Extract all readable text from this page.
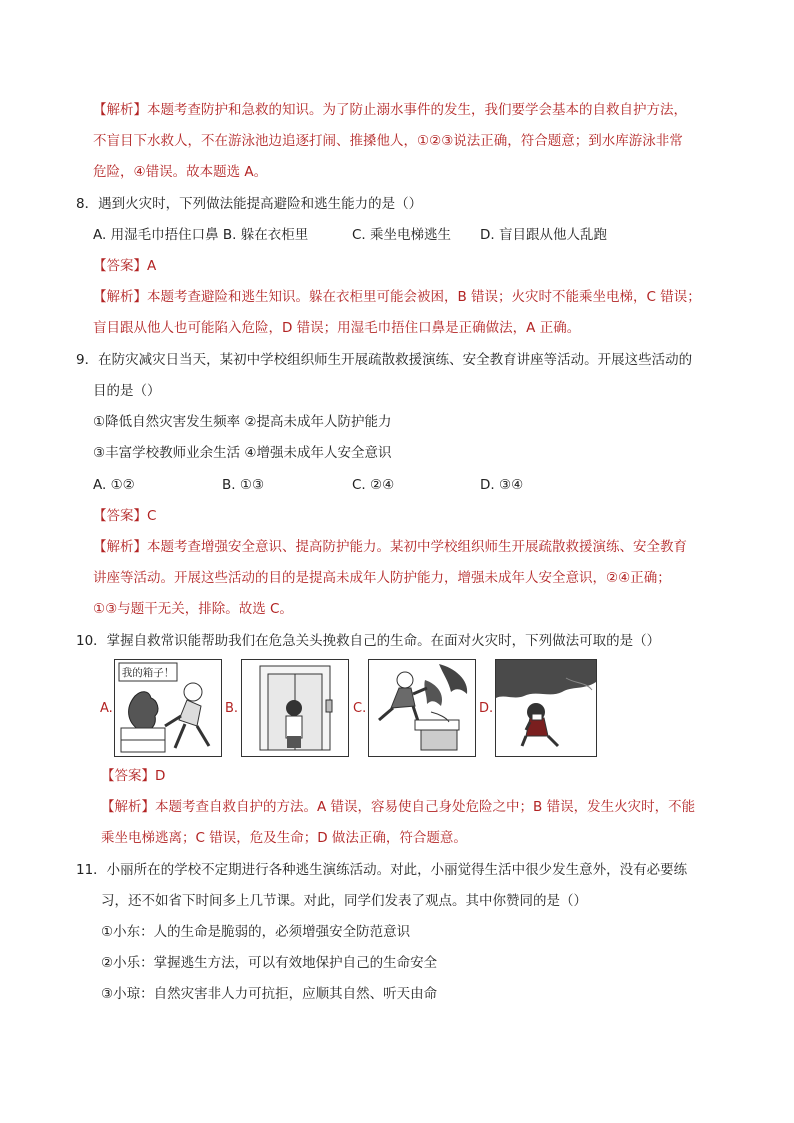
【解析】本题考查防护和急救的知识。为了防止溺水事件的发生，我们要学会基本的自救自护方法，
不盲目下水救人，不在游泳池边追逐打闹、推搡他人，①②③说法正确，符合题意；到水库游泳非常
危险，④错误。故本题选 A。
8．遇到火灾时，下列做法能提高避险和逃生能力的是（）
A. 用湿毛巾捂住口鼻 B. 躲在衣柜里	C. 乘坐电梯逃生 D. 盲目跟从他人乱跑
【答案】A
【解析】本题考查避险和逃生知识。躲在衣柜里可能会被困，B 错误；火灾时不能乘坐电梯，C 错误；
盲目跟从他人也可能陷入危险，D 错误；用湿毛巾捂住口鼻是正确做法，A 正确。
9．在防灾减灾日当天，某初中学校组织师生开展疏散救援演练、安全教育讲座等活动。开展这些活动的
目的是（）
①降低自然灾害发生频率 ②提高未成年人防护能力
③丰富学校教师业余生活 ④增强未成年人安全意识
A. ①②	B. ①③	C. ②④	D. ③④
【答案】C
【解析】本题考查增强安全意识、提高防护能力。某初中学校组织师生开展疏散救援演练、安全教育
讲座等活动。开展这些活动的目的是提高未成年人防护能力，增强未成年人安全意识，②④正确；
①③与题干无关，排除。故选 C。
10．掌握自救常识能帮助我们在危急关头挽救自己的生命。在面对火灾时，下列做法可取的是（）
A.
我的箱子！
B.	C.	D.
【答案】D
【解析】本题考查自救自护的方法。A 错误，容易使自己身处危险之中；B 错误，发生火灾时，不能
乘坐电梯逃离；C 错误，危及生命；D 做法正确，符合题意。
11．小丽所在的学校不定期进行各种逃生演练活动。对此，小丽觉得生活中很少发生意外，没有必要练
习，还不如省下时间多上几节课。对此，同学们发表了观点。其中你赞同的是（）
①小东：人的生命是脆弱的，必须增强安全防范意识
②小乐：掌握逃生方法，可以有效地保护自己的生命安全
③小琼：自然灾害非人力可抗拒，应顺其自然、听天由命
